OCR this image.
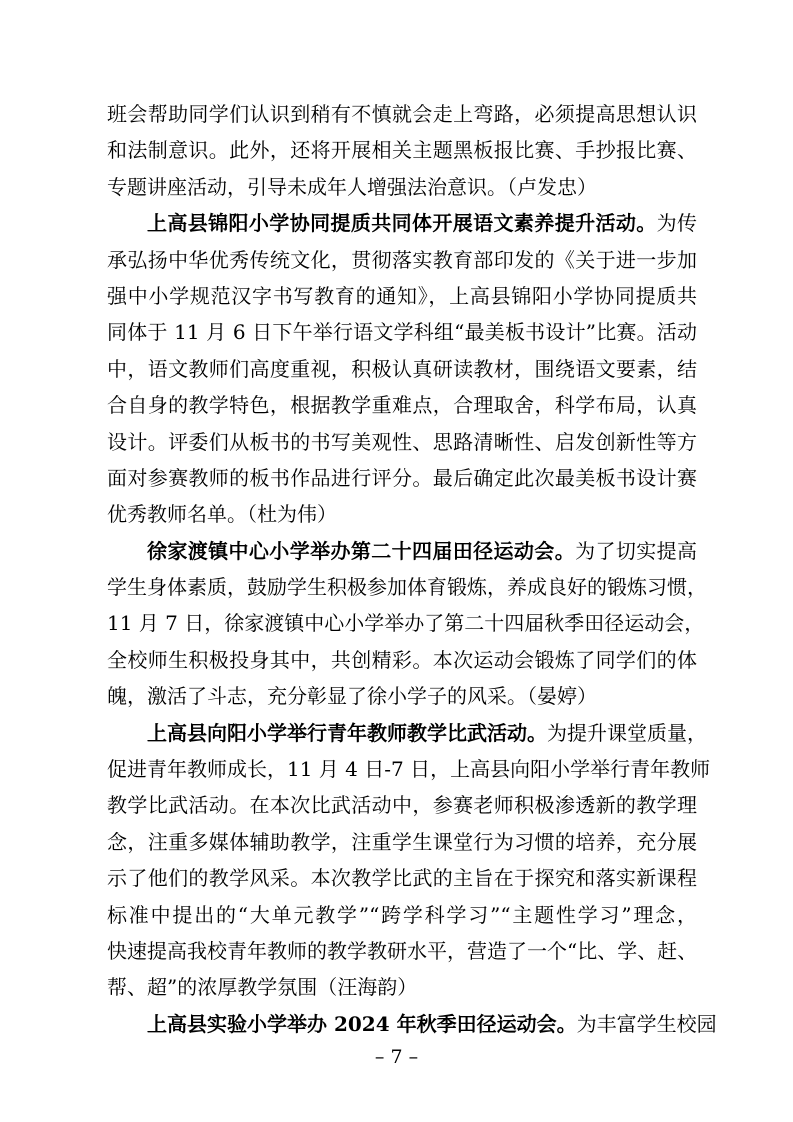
班会帮助同学们认识到稍有不慎就会走上弯路，必须提高思想认识
和法制意识。此外，还将开展相关主题黑板报比赛、手抄报比赛、
专题讲座活动，引导未成年人增强法治意识。（卢发忠）
上高县锦阳小学协同提质共同体开展语文素养提升活动。为传
承弘扬中华优秀传统文化，贯彻落实教育部印发的《关于进一步加
强中小学规范汉字书写教育的通知》，上高县锦阳小学协同提质共
同体于 11 月 6 日下午举行语文学科组“最美板书设计”比赛。活动
中，语文教师们高度重视，积极认真研读教材，围绕语文要素，结
合自身的教学特色，根据教学重难点，合理取舍，科学布局，认真
设计。评委们从板书的书写美观性、思路清晰性、启发创新性等方
面对参赛教师的板书作品进行评分。最后确定此次最美板书设计赛
优秀教师名单。（杜为伟）
徐家渡镇中心小学举办第二十四届田径运动会。为了切实提高
学生身体素质，鼓励学生积极参加体育锻炼，养成良好的锻炼习惯，
11 月 7 日，徐家渡镇中心小学举办了第二十四届秋季田径运动会，
全校师生积极投身其中，共创精彩。本次运动会锻炼了同学们的体
魄，激活了斗志，充分彰显了徐小学子的风采。（晏婷）
上高县向阳小学举行青年教师教学比武活动。为提升课堂质量，
促进青年教师成长，11 月 4 日-7 日，上高县向阳小学举行青年教师
教学比武活动。在本次比武活动中，参赛老师积极渗透新的教学理
念，注重多媒体辅助教学，注重学生课堂行为习惯的培养，充分展
示了他们的教学风采。本次教学比武的主旨在于探究和落实新课程
标准中提出的“大单元教学”“跨学科学习”“主题性学习”理念，
快速提高我校青年教师的教学教研水平，营造了一个“比、学、赶、
帮、超”的浓厚教学氛围（汪海韵）
上高县实验小学举办 2024 年秋季田径运动会。为丰富学生校园
– 7 –
